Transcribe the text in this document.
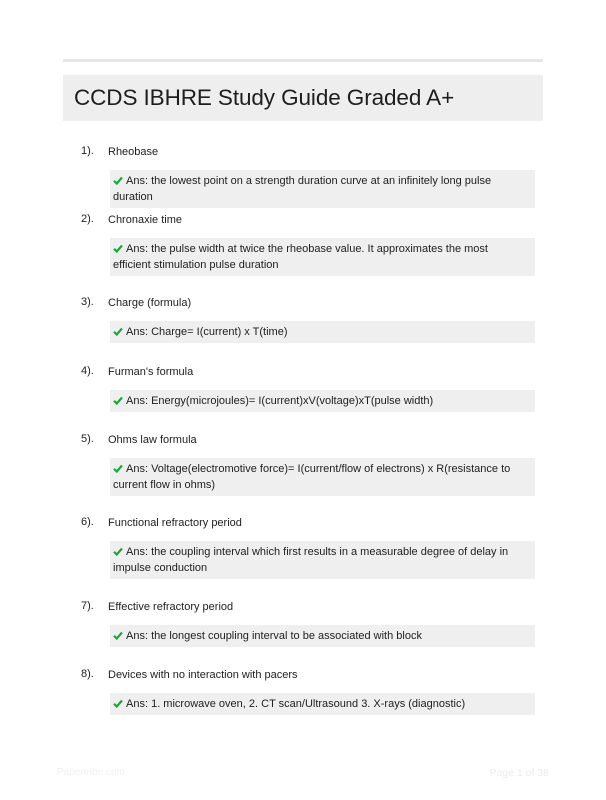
CCDS IBHRE Study Guide Graded A+
1). Rheobase
Ans: the lowest point on a strength duration curve at an infinitely long pulse duration
2). Chronaxie time
Ans: the pulse width at twice the rheobase value. It approximates the most efficient stimulation pulse duration
3). Charge (formula)
Ans: Charge= I(current) x T(time)
4). Furman's formula
Ans: Energy(microjoules)= I(current)xV(voltage)xT(pulse width)
5). Ohms law formula
Ans: Voltage(electromotive force)= I(current/flow of electrons) x R(resistance to current flow in ohms)
6). Functional refractory period
Ans: the coupling interval which first results in a measurable degree of delay in impulse conduction
7). Effective refractory period
Ans: the longest coupling interval to be associated with block
8). Devices with no interaction with pacers
Ans: 1. microwave oven, 2. CT scan/Ultrasound 3. X-rays (diagnostic)
Papertribe.com	Page 1 of 38
